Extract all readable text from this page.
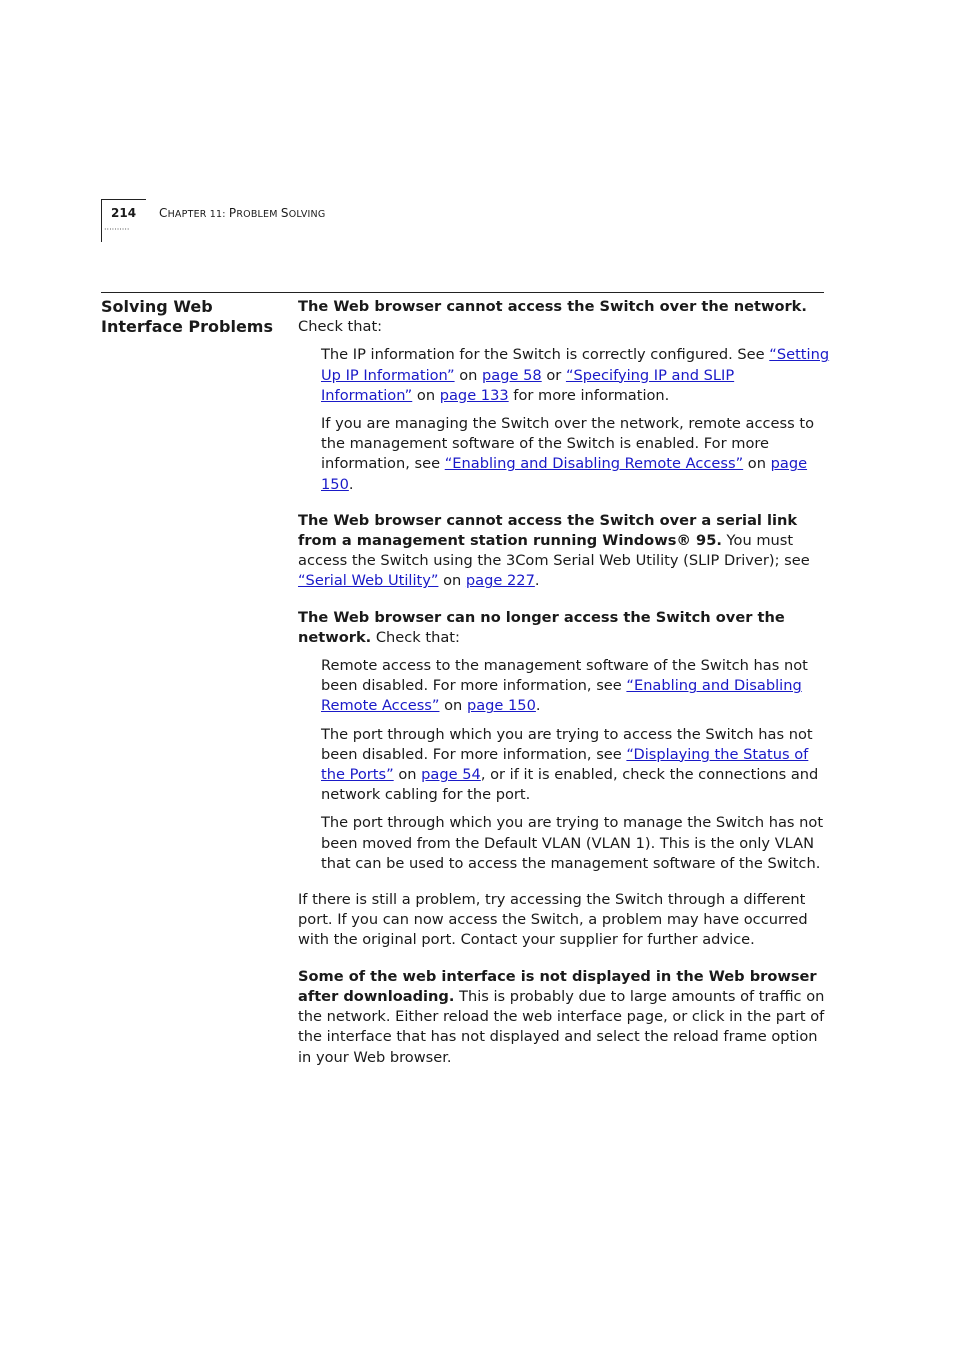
··········
214 CHAPTER 11: PROBLEM SOLVING
Solving Web
Interface Problems

The Web browser cannot access the Switch over the network.
Check that:

The IP information for the Switch is correctly configured. See “Setting Up IP Information” on page 58 or “Specifying IP and SLIP Information” on page 133 for more information.

If you are managing the Switch over the network, remote access to the management software of the Switch is enabled. For more information, see “Enabling and Disabling Remote Access” on page 150.

The Web browser cannot access the Switch over a serial link from a management station running Windows® 95. You must access the Switch using the 3Com Serial Web Utility (SLIP Driver); see “Serial Web Utility” on page 227.

The Web browser can no longer access the Switch over the network. Check that:

Remote access to the management software of the Switch has not been disabled. For more information, see “Enabling and Disabling Remote Access” on page 150.

The port through which you are trying to access the Switch has not been disabled. For more information, see “Displaying the Status of the Ports” on page 54, or if it is enabled, check the connections and network cabling for the port.

The port through which you are trying to manage the Switch has not been moved from the Default VLAN (VLAN 1). This is the only VLAN that can be used to access the management software of the Switch.

If there is still a problem, try accessing the Switch through a different port. If you can now access the Switch, a problem may have occurred with the original port. Contact your supplier for further advice.

Some of the web interface is not displayed in the Web browser after downloading. This is probably due to large amounts of traffic on the network. Either reload the web interface page, or click in the part of the interface that has not displayed and select the reload frame option in your Web browser.
